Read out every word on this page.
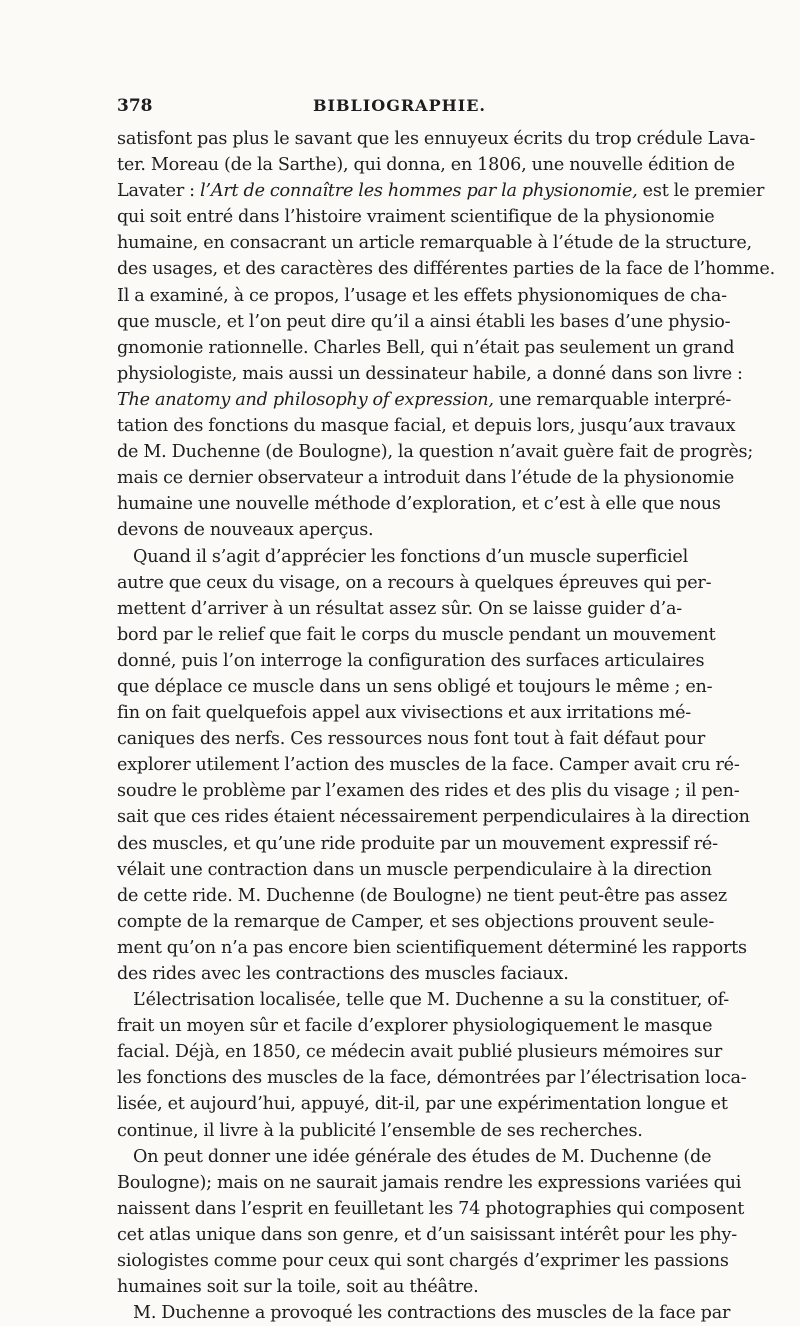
378	BIBLIOGRAPHIE.
satisfont pas plus le savant que les ennuyeux écrits du trop crédule Lava-
ter. Moreau (de la Sarthe), qui donna, en 1806, une nouvelle édition de
Lavater : l’Art de connaître les hommes par la physionomie, est le premier
qui soit entré dans l’histoire vraiment scientifique de la physionomie
humaine, en consacrant un article remarquable à l’étude de la structure,
des usages, et des caractères des différentes parties de la face de l’homme.
Il a examiné, à ce propos, l’usage et les effets physionomiques de cha-
que muscle, et l’on peut dire qu’il a ainsi établi les bases d’une physio-
gnomonie rationnelle. Charles Bell, qui n’était pas seulement un grand
physiologiste, mais aussi un dessinateur habile, a donné dans son livre :
The anatomy and philosophy of expression, une remarquable interpré-
tation des fonctions du masque facial, et depuis lors, jusqu’aux travaux
de M. Duchenne (de Boulogne), la question n’avait guère fait de progrès;
mais ce dernier observateur a introduit dans l’étude de la physionomie
humaine une nouvelle méthode d’exploration, et c’est à elle que nous
devons de nouveaux aperçus.
Quand il s’agit d’apprécier les fonctions d’un muscle superficiel
autre que ceux du visage, on a recours à quelques épreuves qui per-
mettent d’arriver à un résultat assez sûr. On se laisse guider d’a-
bord par le relief que fait le corps du muscle pendant un mouvement
donné, puis l’on interroge la configuration des surfaces articulaires
que déplace ce muscle dans un sens obligé et toujours le même ; en-
fin on fait quelquefois appel aux vivisections et aux irritations mé-
caniques des nerfs. Ces ressources nous font tout à fait défaut pour
explorer utilement l’action des muscles de la face. Camper avait cru ré-
soudre le problème par l’examen des rides et des plis du visage ; il pen-
sait que ces rides étaient nécessairement perpendiculaires à la direction
des muscles, et qu’une ride produite par un mouvement expressif ré-
vélait une contraction dans un muscle perpendiculaire à la direction
de cette ride. M. Duchenne (de Boulogne) ne tient peut-être pas assez
compte de la remarque de Camper, et ses objections prouvent seule-
ment qu’on n’a pas encore bien scientifiquement déterminé les rapports
des rides avec les contractions des muscles faciaux.
L’électrisation localisée, telle que M. Duchenne a su la constituer, of-
frait un moyen sûr et facile d’explorer physiologiquement le masque
facial. Déjà, en 1850, ce médecin avait publié plusieurs mémoires sur
les fonctions des muscles de la face, démontrées par l’électrisation loca-
lisée, et aujourd’hui, appuyé, dit-il, par une expérimentation longue et
continue, il livre à la publicité l’ensemble de ses recherches.
On peut donner une idée générale des études de M. Duchenne (de
Boulogne); mais on ne saurait jamais rendre les expressions variées qui
naissent dans l’esprit en feuilletant les 74 photographies qui composent
cet atlas unique dans son genre, et d’un saisissant intérêt pour les phy-
siologistes comme pour ceux qui sont chargés d’exprimer les passions
humaines soit sur la toile, soit au théâtre.
M. Duchenne a provoqué les contractions des muscles de la face par
